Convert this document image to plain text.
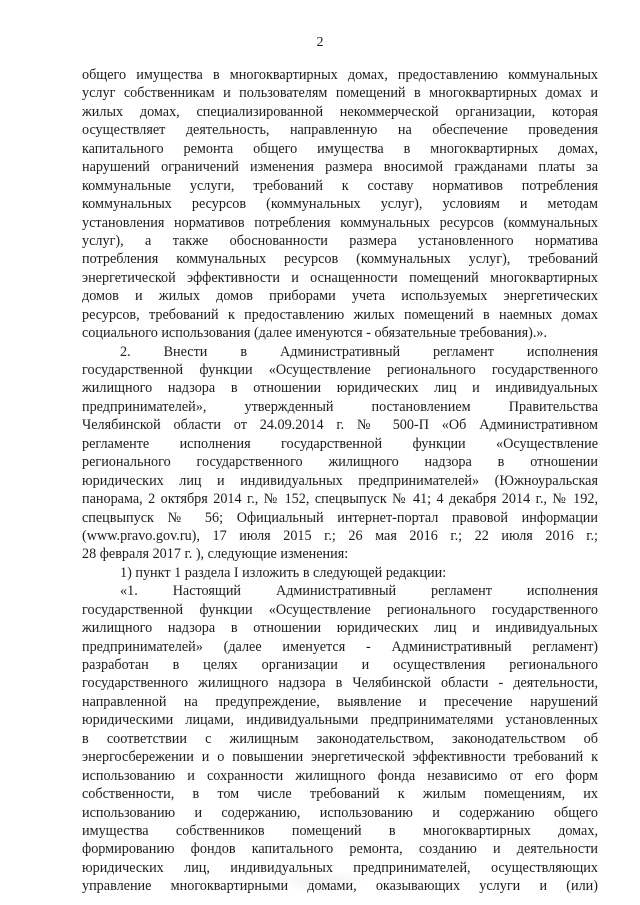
2
общего имущества в многоквартирных домах, предоставлению коммунальных
услуг собственникам и пользователям помещений в многоквартирных домах и
жилых домах, специализированной некоммерческой организации, которая
осуществляет деятельность, направленную на обеспечение проведения
капитального ремонта общего имущества в многоквартирных домах,
нарушений ограничений изменения размера вносимой гражданами платы за
коммунальные услуги, требований к составу нормативов потребления
коммунальных ресурсов (коммунальных услуг), условиям и методам
установления нормативов потребления коммунальных ресурсов (коммунальных
услуг), а также обоснованности размера установленного норматива
потребления коммунальных ресурсов (коммунальных услуг), требований
энергетической эффективности и оснащенности помещений многоквартирных
домов и жилых домов приборами учета используемых энергетических
ресурсов, требований к предоставлению жилых помещений в наемных домах
социального использования (далее именуются - обязательные требования).».
2. Внести в Административный регламент исполнения
государственной функции «Осуществление регионального государственного
жилищного надзора в отношении юридических лиц и индивидуальных
предпринимателей», утвержденный постановлением Правительства
Челябинской области от 24.09.2014 г. № 500-П «Об Административном
регламенте исполнения государственной функции «Осуществление
регионального государственного жилищного надзора в отношении
юридических лиц и индивидуальных предпринимателей» (Южноуральская
панорама, 2 октября 2014 г., № 152, спецвыпуск № 41; 4 декабря 2014 г., № 192,
спецвыпуск № 56; Официальный интернет-портал правовой информации
(www.pravo.gov.ru), 17 июля 2015 г.; 26 мая 2016 г.; 22 июля 2016 г.;
28 февраля 2017 г. ), следующие изменения:
1) пункт 1 раздела I изложить в следующей редакции:
«1. Настоящий Административный регламент исполнения
государственной функции «Осуществление регионального государственного
жилищного надзора в отношении юридических лиц и индивидуальных
предпринимателей» (далее именуется - Административный регламент)
разработан в целях организации и осуществления регионального
государственного жилищного надзора в Челябинской области - деятельности,
направленной на предупреждение, выявление и пресечение нарушений
юридическими лицами, индивидуальными предпринимателями установленных
в соответствии с жилищным законодательством, законодательством об
энергосбережении и о повышении энергетической эффективности требований к
использованию и сохранности жилищного фонда независимо от его форм
собственности, в том числе требований к жилым помещениям, их
использованию и содержанию, использованию и содержанию общего
имущества собственников помещений в многоквартирных домах,
формированию фондов капитального ремонта, созданию и деятельности
юридических лиц, индивидуальных предпринимателей, осуществляющих
управление многоквартирными домами, оказывающих услуги и (или)
